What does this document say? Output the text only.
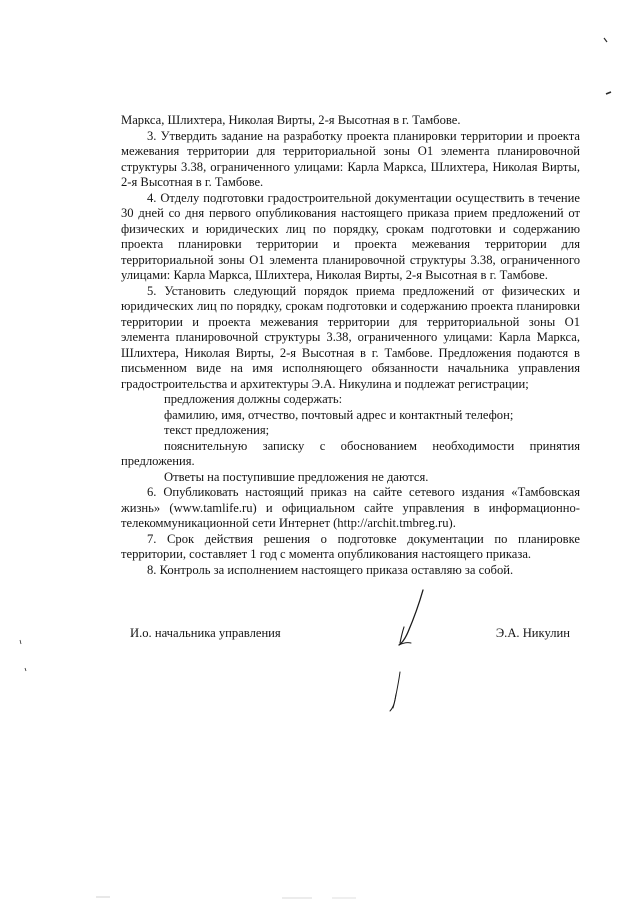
Маркса, Шлихтера, Николая Вирты, 2-я Высотная в г. Тамбове.

3. Утвердить задание на разработку проекта планировки территории и проекта межевания территории для территориальной зоны О1 элемента планировочной структуры 3.38, ограниченного улицами: Карла Маркса, Шлихтера, Николая Вирты, 2-я Высотная в г. Тамбове.

4. Отделу подготовки градостроительной документации осуществить в течение 30 дней со дня первого опубликования настоящего приказа прием предложений от физических и юридических лиц по порядку, срокам подготовки и содержанию проекта планировки территории и проекта межевания территории для территориальной зоны О1 элемента планировочной структуры 3.38, ограниченного улицами: Карла Маркса, Шлихтера, Николая Вирты, 2-я Высотная в г. Тамбове.

5. Установить следующий порядок приема предложений от физических и юридических лиц по порядку, срокам подготовки и содержанию проекта планировки территории и проекта межевания территории для территориальной зоны О1 элемента планировочной структуры 3.38, ограниченного улицами: Карла Маркса, Шлихтера, Николая Вирты, 2-я Высотная в г. Тамбове. Предложения подаются в письменном виде на имя исполняющего обязанности начальника управления градостроительства и архитектуры Э.А. Никулина и подлежат регистрации;

предложения должны содержать:

фамилию, имя, отчество, почтовый адрес и контактный телефон;

текст предложения;

пояснительную записку с обоснованием необходимости принятия предложения.

Ответы на поступившие предложения не даются.

6. Опубликовать настоящий приказ на сайте сетевого издания «Тамбовская жизнь» (www.tamlife.ru) и официальном сайте управления в информационно-телекоммуникационной сети Интернет (http://archit.tmbreg.ru).

7. Срок действия решения о подготовке документации по планировке территории, составляет 1 год с момента опубликования настоящего приказа.

8. Контроль за исполнением настоящего приказа оставляю за собой.

И.о. начальника управления	Э.А. Никулин
